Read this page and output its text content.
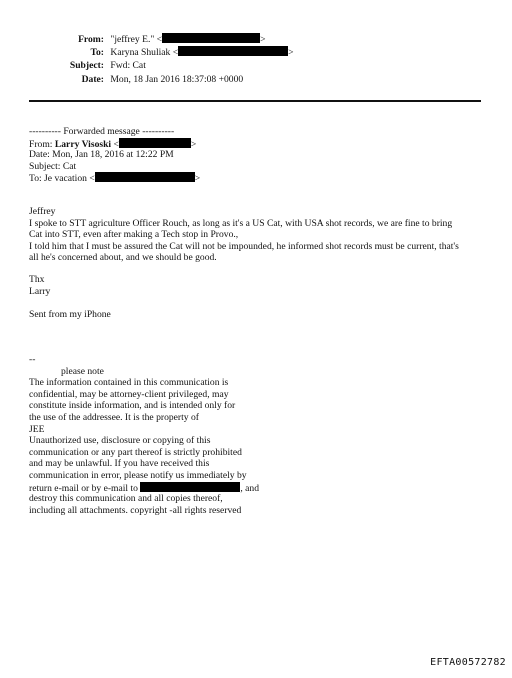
From: "jeffrey E." <	>
To: Karyna Shuliak <	>
Subject: Fwd: Cat
Date: Mon, 18 Jan 2016 18:37:08 +0000
---------- Forwarded message ----------
From: Larry Visoski <	>
Date: Mon, Jan 18, 2016 at 12:22 PM
Subject: Cat
To: Je vacation <	>
Jeffrey
I spoke to STT agriculture Officer Rouch, as long as it's a US Cat, with USA shot records, we are fine to bring
Cat into STT, even after making a Tech stop in Provo.,
I told him that I must be assured the Cat will not be impounded, he informed shot records must be current, that's
all he's concerned about, and we should be good.
Thx
Larry
Sent from my iPhone
--
please note
The information contained in this communication is
confidential, may be attorney-client privileged, may
constitute inside information, and is intended only for
the use of the addressee. It is the property of
JEE
Unauthorized use, disclosure or copying of this
communication or any part thereof is strictly prohibited
and may be unlawful. If you have received this
communication in error, please notify us immediately by
return e-mail or by e-mail to	, and
destroy this communication and all copies thereof,
including all attachments. copyright -all rights reserved
EFTA00572782
